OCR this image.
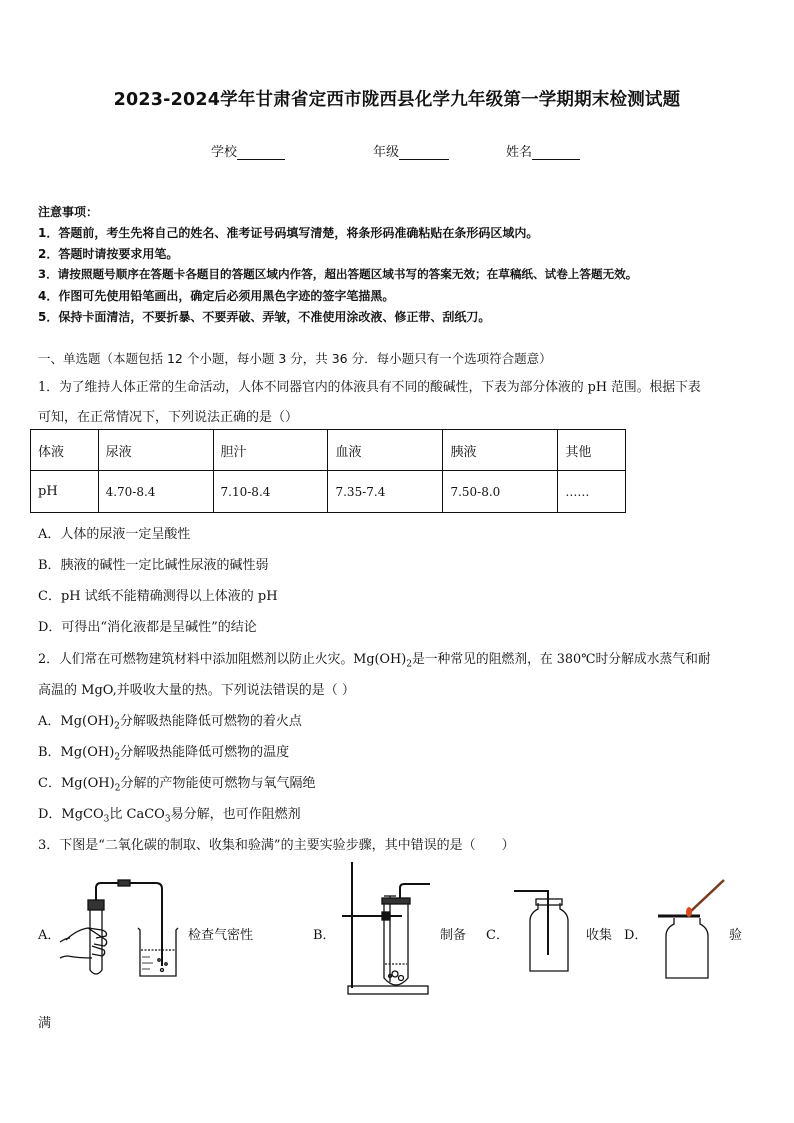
2023-2024学年甘肃省定西市陇西县化学九年级第一学期期末检测试题
学校	年级	姓名
注意事项：
1．答题前，考生先将自己的姓名、准考证号码填写清楚，将条形码准确粘贴在条形码区域内。
2．答题时请按要求用笔。
3．请按照题号顺序在答题卡各题目的答题区域内作答，超出答题区域书写的答案无效；在草稿纸、试卷上答题无效。
4．作图可先使用铅笔画出，确定后必须用黑色字迹的签字笔描黑。
5．保持卡面清洁，不要折暴、不要弄破、弄皱，不准使用涂改液、修正带、刮纸刀。
一、单选题（本题包括 12 个小题，每小题 3 分，共 36 分．每小题只有一个选项符合题意）
1．为了维持人体正常的生命活动，人体不同器官内的体液具有不同的酸碱性，下表为部分体液的 pH 范围。根据下表
可知，在正常情况下，下列说法正确的是（）
体液	尿液	胆汁	血液	胰液	其他
pH	4.70-8.4	7.10-8.4	7.35-7.4	7.50-8.0	……
A．人体的尿液一定呈酸性
B．胰液的碱性一定比碱性尿液的碱性弱
C．pH 试纸不能精确测得以上体液的 pH
D．可得出“消化液都是呈碱性”的结论
2．人们常在可燃物建筑材料中添加阻燃剂以防止火灾。$Mg(OH)_2$是一种常见的阻燃剂，在 380℃时分解成水蒸气和耐
高温的 MgO,并吸收大量的热。下列说法错误的是（ ）
A．$Mg(OH)_2$分解吸热能降低可燃物的着火点
B．$Mg(OH)_2$分解吸热能降低可燃物的温度
C．$Mg(OH)_2$分解的产物能使可燃物与氧气隔绝
D．MgCO$_3$比 CaCO$_3$易分解，也可作阻燃剂
3．下图是“二氧化碳的制取、收集和验满”的主要实验步骤，其中错误的是（　　）
A．	检查气密性	B．	制备 C．	收集 D．	验
满
